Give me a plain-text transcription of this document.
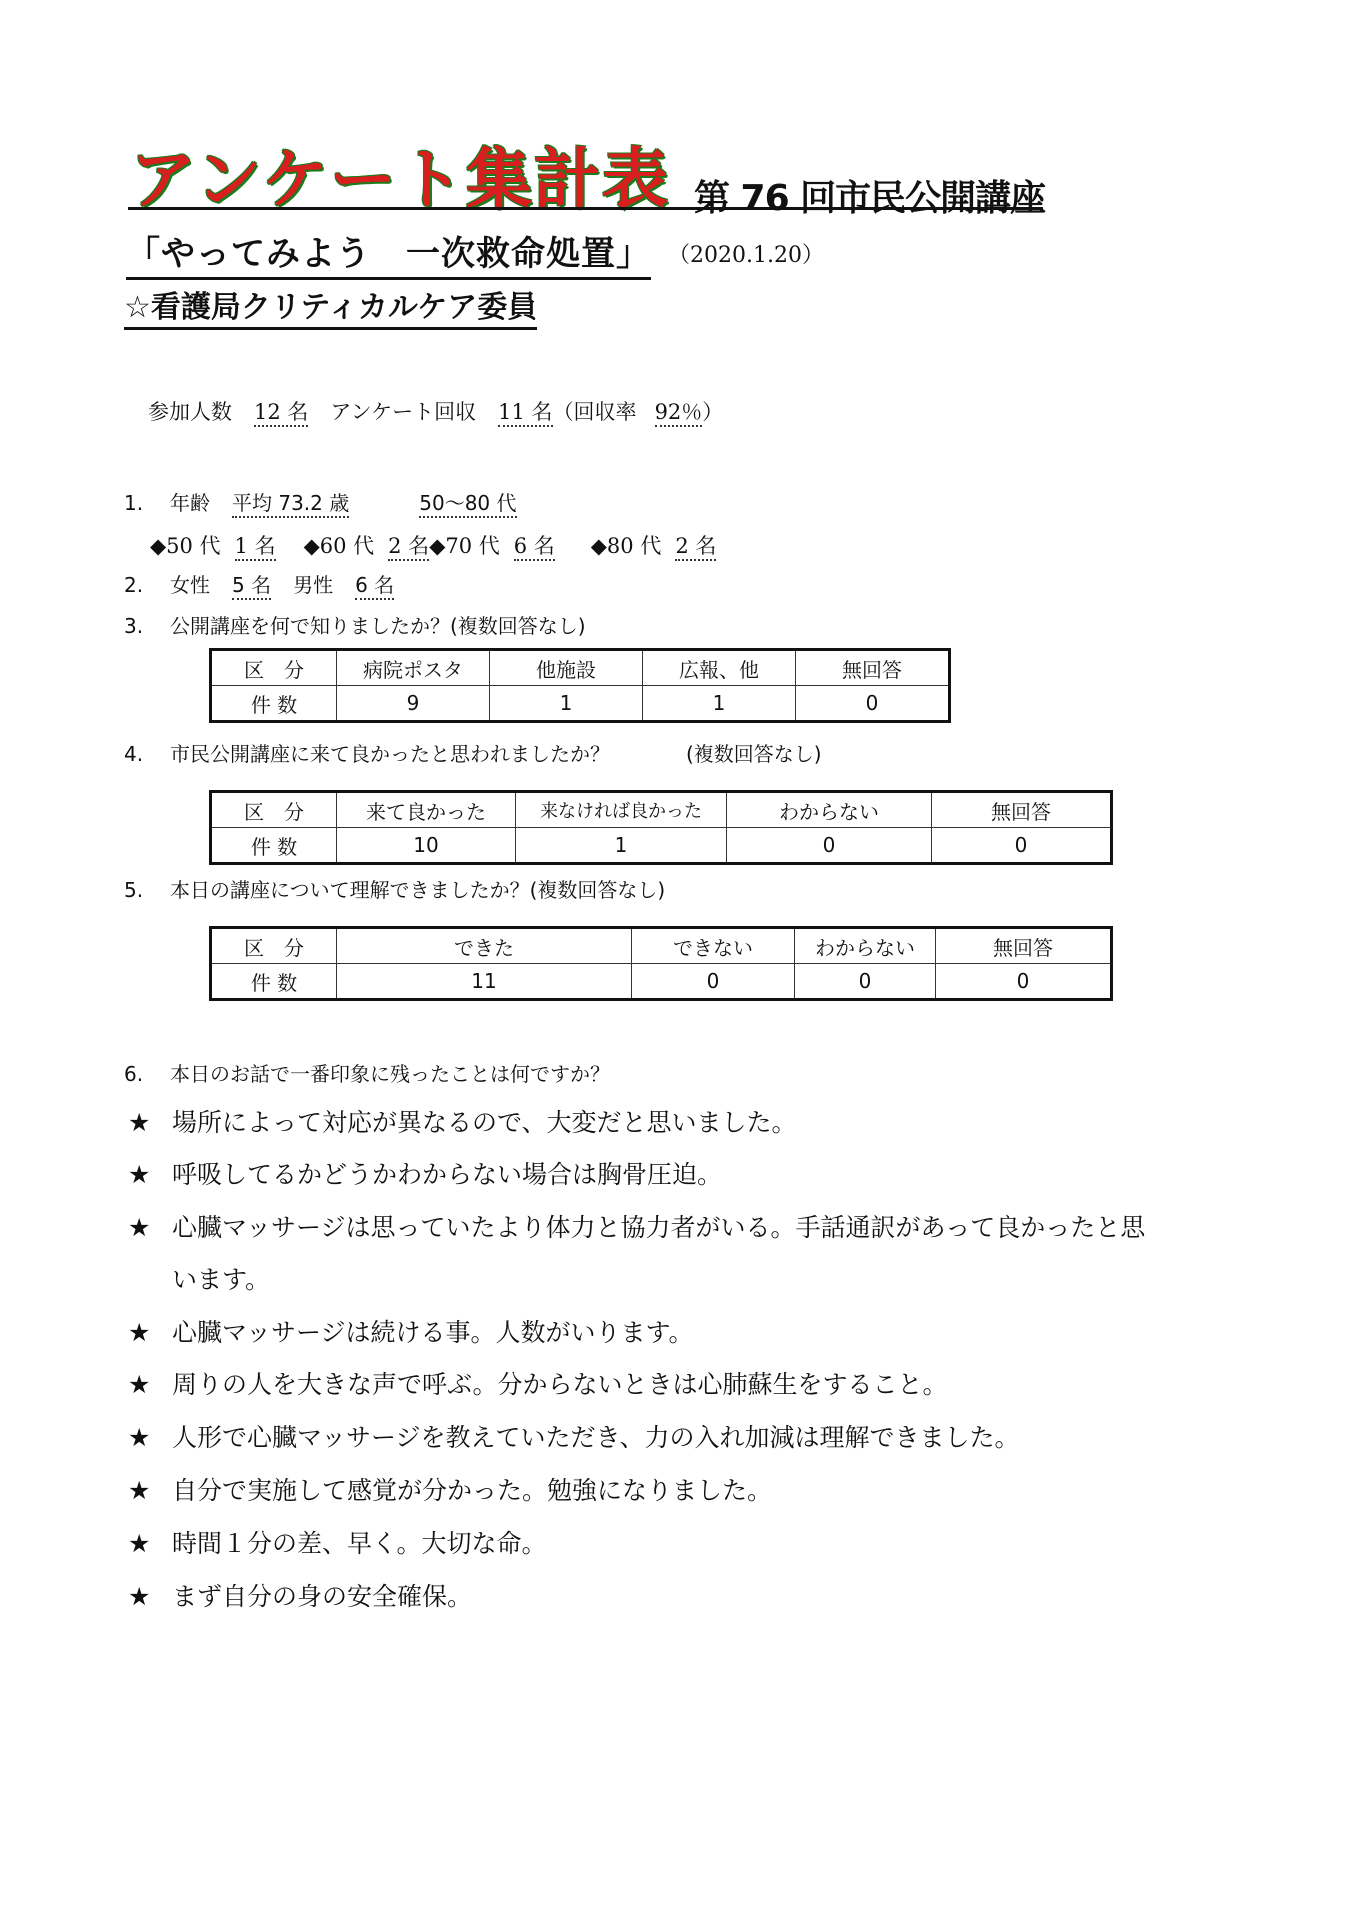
アンケート集計表 第 76 回市民公開講座
「やってみよう　一次救命処置」 （2020.1.20）
☆看護局クリティカルケア委員
参加人数 12 名 アンケート回収 11 名（回収率 92％）
1. 年齢 平均 73.2 歳	50～80 代
◆50 代 1 名 ◆60 代 2 名◆70 代 6 名 ◆80 代 2 名
2. 女性 5 名 男性 6 名
3. 公開講座を何で知りましたか？(複数回答なし)
区　分	病院ポスタ	他施設	広報、他	無回答
件 数	9	1	1	0
4. 市民公開講座に来て良かったと思われましたか？	(複数回答なし)
区　分	来て良かった	来なければ良かった	わからない	無回答
件 数	10	1	0	0
5. 本日の講座について理解できましたか？(複数回答なし)
区　分	できた	できない	わからない	無回答
件 数	11	0	0	0
6. 本日のお話で一番印象に残ったことは何ですか？
★ 場所によって対応が異なるので、大変だと思いました。
★ 呼吸してるかどうかわからない場合は胸骨圧迫。
★ 心臓マッサージは思っていたより体力と協力者がいる。手話通訳があって良かったと思
います。
★ 心臓マッサージは続ける事。人数がいります。
★ 周りの人を大きな声で呼ぶ。分からないときは心肺蘇生をすること。
★ 人形で心臓マッサージを教えていただき、力の入れ加減は理解できました。
★ 自分で実施して感覚が分かった。勉強になりました。
★ 時間１分の差、早く。大切な命。
★ まず自分の身の安全確保。
